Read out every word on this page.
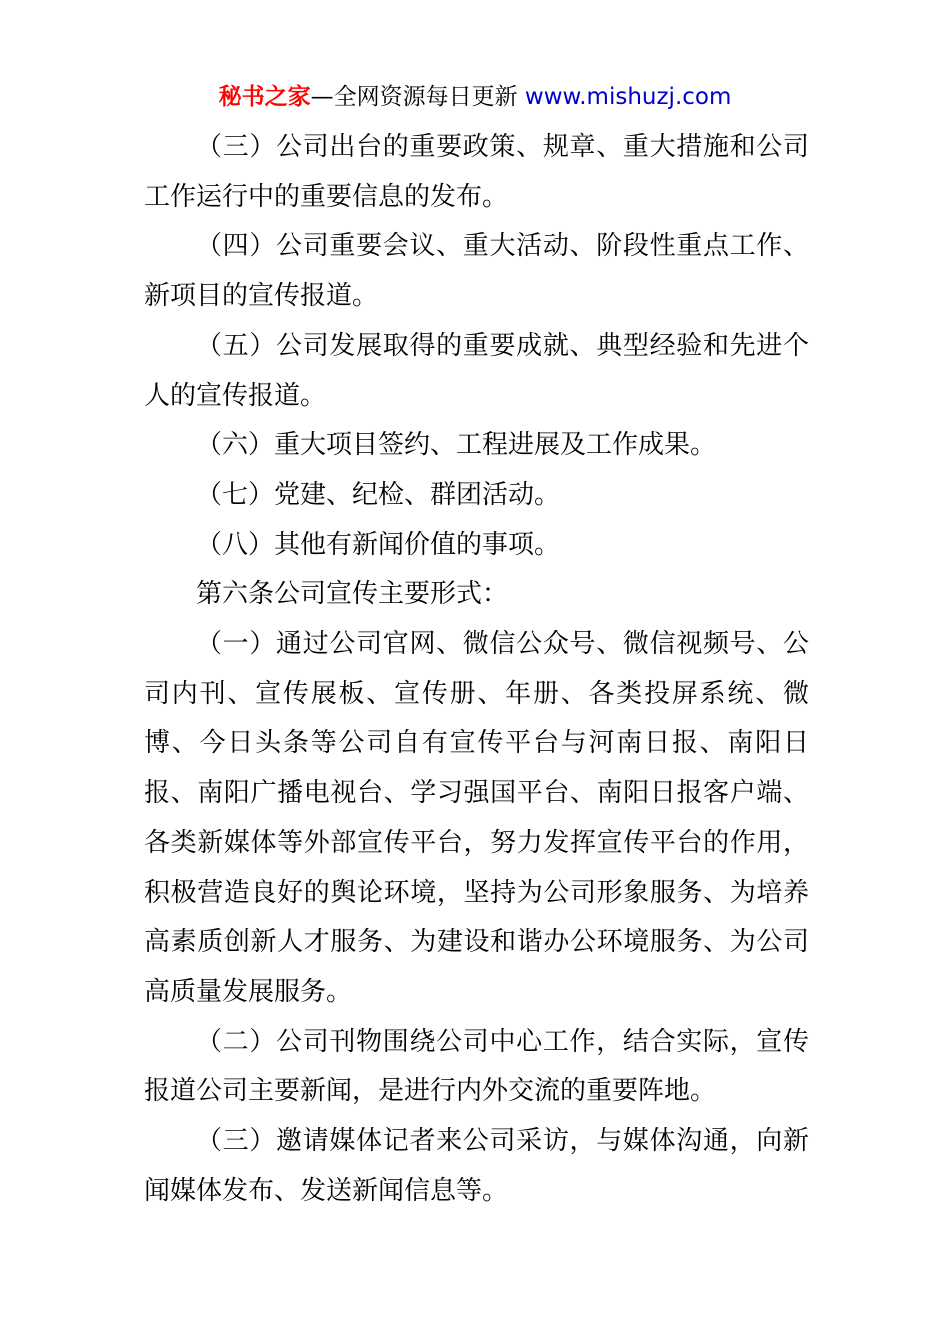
秘书之家—全网资源每日更新 www.mishuzj.com

（三）公司出台的重要政策、规章、重大措施和公司工作运行中的重要信息的发布。

（四）公司重要会议、重大活动、阶段性重点工作、新项目的宣传报道。

（五）公司发展取得的重要成就、典型经验和先进个人的宣传报道。

（六）重大项目签约、工程进展及工作成果。

（七）党建、纪检、群团活动。

（八）其他有新闻价值的事项。

第六条公司宣传主要形式：

（一）通过公司官网、微信公众号、微信视频号、公司内刊、宣传展板、宣传册、年册、各类投屏系统、微博、今日头条等公司自有宣传平台与河南日报、南阳日报、南阳广播电视台、学习强国平台、南阳日报客户端、各类新媒体等外部宣传平台，努力发挥宣传平台的作用，积极营造良好的舆论环境，坚持为公司形象服务、为培养高素质创新人才服务、为建设和谐办公环境服务、为公司高质量发展服务。

（二）公司刊物围绕公司中心工作，结合实际，宣传报道公司主要新闻，是进行内外交流的重要阵地。

（三）邀请媒体记者来公司采访，与媒体沟通，向新闻媒体发布、发送新闻信息等。
